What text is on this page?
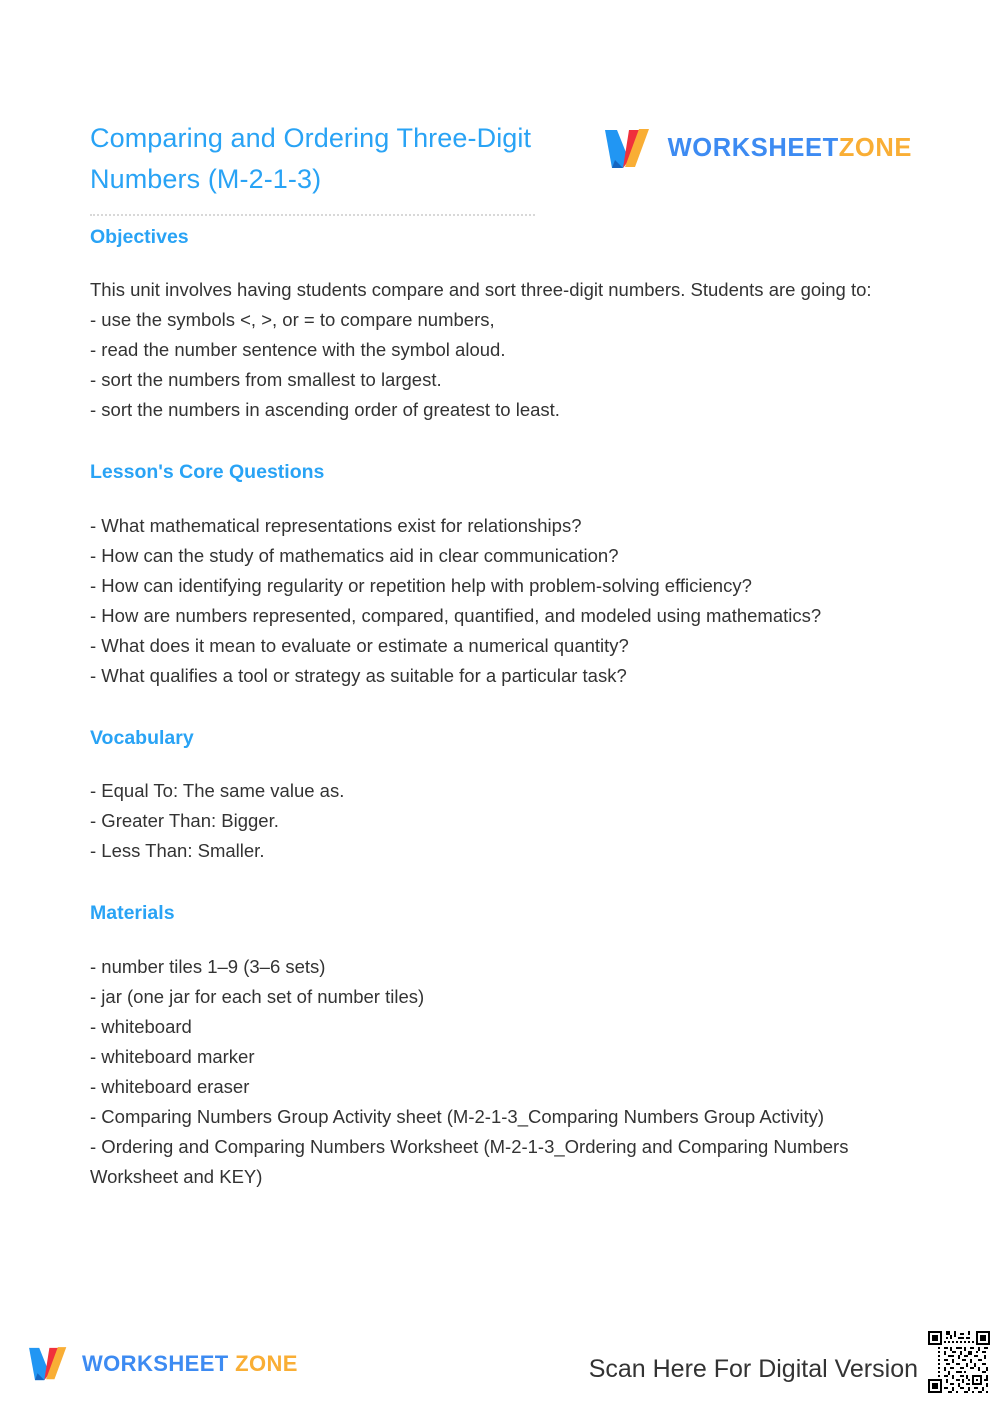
Comparing and Ordering Three-Digit Numbers (M-2-1-3)
WORKSHEETZONE
Objectives

This unit involves having students compare and sort three-digit numbers. Students are going to:

- use the symbols <, >, or = to compare numbers,

- read the number sentence with the symbol aloud.

- sort the numbers from smallest to largest.

- sort the numbers in ascending order of greatest to least.

Lesson's Core Questions

- What mathematical representations exist for relationships?

- How can the study of mathematics aid in clear communication?

- How can identifying regularity or repetition help with problem-solving efficiency?

- How are numbers represented, compared, quantified, and modeled using mathematics?

- What does it mean to evaluate or estimate a numerical quantity?

- What qualifies a tool or strategy as suitable for a particular task?

Vocabulary

- Equal To: The same value as.

- Greater Than: Bigger.

- Less Than: Smaller.

Materials

- number tiles 1–9 (3–6 sets)

- jar (one jar for each set of number tiles)

- whiteboard

- whiteboard marker

- whiteboard eraser

- Comparing Numbers Group Activity sheet (M-2-1-3_Comparing Numbers Group Activity)

- Ordering and Comparing Numbers Worksheet (M-2-1-3_Ordering and Comparing Numbers Worksheet and KEY)

WORKSHEET ZONE	Scan Here For Digital Version
